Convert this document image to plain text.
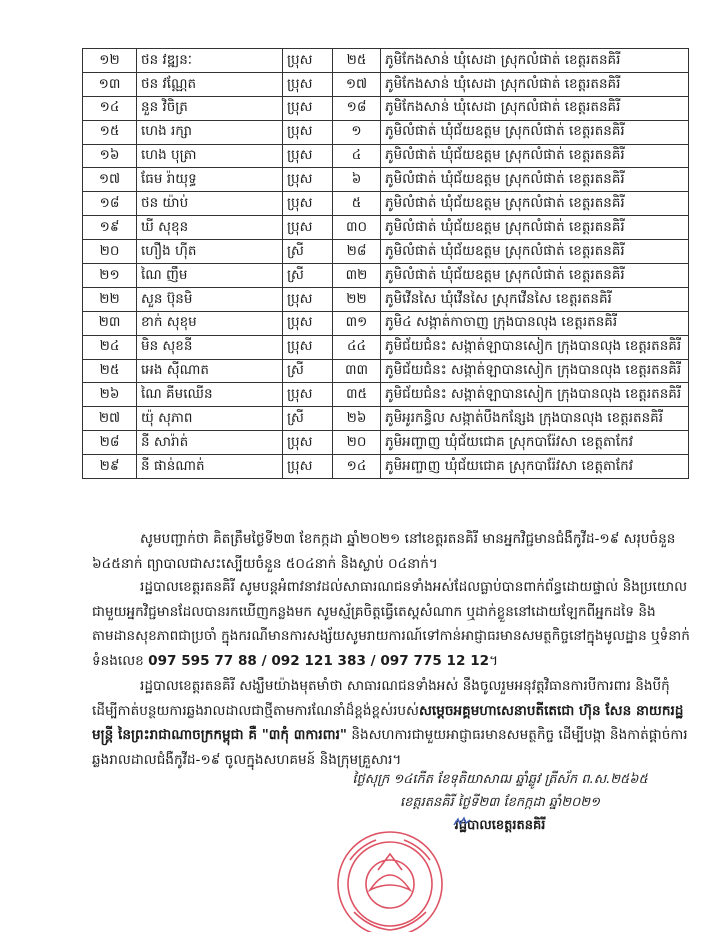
១២	ថន វឌ្ឍនៈ	ប្រុស	២៥	ភូមិកែងសាន់ ឃុំសេដា ស្រុកលំផាត់ ខេត្តរតនគិរី
១៣	ថន វណ្ណែត	ប្រុស	១៧	ភូមិកែងសាន់ ឃុំសេដា ស្រុកលំផាត់ ខេត្តរតនគិរី
១៤	នួន វិចិត្រ	ប្រុស	១៨	ភូមិកែងសាន់ ឃុំសេដា ស្រុកលំផាត់ ខេត្តរតនគិរី
១៥	ហេង រក្សា	ប្រុស	១	ភូមិលំផាត់ ឃុំជ័យឧត្តម ស្រុកលំផាត់ ខេត្តរតនគិរី
១៦	ហេង បុត្រា	ប្រុស	៤	ភូមិលំផាត់ ឃុំជ័យឧត្តម ស្រុកលំផាត់ ខេត្តរតនគិរី
១៧	ធែម រ៉ាយុទ្ធ	ប្រុស	៦	ភូមិលំផាត់ ឃុំជ័យឧត្តម ស្រុកលំផាត់ ខេត្តរតនគិរី
១៨	ថន យ៉ាប់	ប្រុស	៥	ភូមិលំផាត់ ឃុំជ័យឧត្តម ស្រុកលំផាត់ ខេត្តរតនគិរី
១៩	ឃី សុខុន	ប្រុស	៣០	ភូមិលំផាត់ ឃុំជ័យឧត្តម ស្រុកលំផាត់ ខេត្តរតនគិរី
២០	ហឿង ហ៊ីត	ស្រី	២៨	ភូមិលំផាត់ ឃុំជ័យឧត្តម ស្រុកលំផាត់ ខេត្តរតនគិរី
២១	ណៃ ញឹម	ស្រី	៣២	ភូមិលំផាត់ ឃុំជ័យឧត្តម ស្រុកលំផាត់ ខេត្តរតនគិរី
២២	សួន ប៊ុនមិ	ប្រុស	២២	ភូមិវើនសៃ ឃុំវើនសៃ ស្រុកវើនសៃ ខេត្តរតនគិរី
២៣	ខាក់ សុខុម	ប្រុស	៣១	ភូមិ៤ សង្កាត់កាចាញ ក្រុងបានលុង ខេត្តរតនគិរី
២៤	មិន សុខនី	ប្រុស	៤៤	ភូមិជ័យជំនះ សង្កាត់ឡាបានសៀក ក្រុងបានលុង ខេត្តរតនគិរី
២៥	អេង ស៊ីណាត	ស្រី	៣៣	ភូមិជ័យជំនះ សង្កាត់ឡាបានសៀក ក្រុងបានលុង ខេត្តរតនគិរី
២៦	ណៃ គីមឈើន	ប្រុស	៣៥	ភូមិជ័យជំនះ សង្កាត់ឡាបានសៀក ក្រុងបានលុង ខេត្តរតនគិរី
២៧	យ៉ុ សុភាព	ស្រី	២៦	ភូមិអូរកន្ធិល សង្កាត់បឹងកន្សែង ក្រុងបានលុង ខេត្តរតនគិរី
២៨	នី សារ៉ាត់	ប្រុស	២០	ភូមិអញ្ចាញ ឃុំជ័យជោគ ស្រុកបារ៉ែវសា ខេត្តតាកែវ
២៩	នី ផាន់ណាត់	ប្រុស	១៤	ភូមិអញ្ចាញ ឃុំជ័យជោគ ស្រុកបារ៉ែវសា ខេត្តតាកែវ
សូមបញ្ជាក់ថា គិតត្រឹមថ្ងៃទី២៣ ខែកក្កដា ឆ្នាំ២០២១ នៅខេត្តរតនគិរី មានអ្នកវិជ្ជមានជំងឺកូវីដ-១៩ សរុបចំនួន ៦៤៥នាក់ ព្យាបាលជាសះស្បើយចំនួន ៥០៤នាក់ និងស្លាប់ ០៤នាក់។
រដ្ឋបាលខេត្តរតនគិរី សូមបន្តអំពាវនាវដល់សាធារណជនទាំងអស់ដែលធ្លាប់បានពាក់ព័ន្ធដោយផ្ទាល់ និងប្រយោលជាមួយអ្នកវិជ្ជមានដែលបានរកឃើញកន្លងមក សូមស្ម័គ្រចិត្តធ្វើតេស្តសំណាក ឬដាក់ខ្លួននៅដោយឡែកពីអ្នកដទៃ និងតាមដានសុខភាពជាប្រចាំ ក្នុងករណីមានការសង្ស័យសូមរាយការណ៍ទៅកាន់អាជ្ញាធរមានសមត្ថកិច្ចនៅក្នុងមូលដ្ឋាន ឬទំនាក់ទំនងលេខ 097 595 77 88 / 092 121 383 / 097 775 12 12។
រដ្ឋបាលខេត្តរតនគិរី សង្ឃឹមយ៉ាងមុតមាំថា សាធារណជនទាំងអស់ នឹងចូលរួមអនុវត្តវិធានការបីការពារ និងបីកុំ ដើម្បីកាត់បន្ថយការឆ្លងរាលដាលជាថ្មីតាមការណែនាំដ៏ខ្ពង់ខ្ពស់របស់សម្តេចអគ្គមហាសេនាបតីតេជោ ហ៊ុន សែន នាយករដ្ឋមន្ត្រី នៃព្រះរាជាណាចក្រកម្ពុជា គឺ "៣កុំ ៣ការពារ" និងសហការជាមួយអាជ្ញាធរមានសមត្ថកិច្ច ដើម្បីបង្កា និងកាត់ផ្តាច់ការឆ្លងរាលដាលជំងឺកូវីដ-១៩ ចូលក្នុងសហគមន៍ និងក្រុមគ្រួសារ។
ថ្ងៃសុក្រ ១៤កើត ខែទុតិយាសាឍ ឆ្នាំឆ្លូវ ត្រីស័ក ព.ស.២៥៦៥
ខេត្តរតនគិរី ថ្ងៃទី២៣ ខែកក្កដា ឆ្នាំ២០២១
រដ្ឋបាលខេត្តរតនគិរី
